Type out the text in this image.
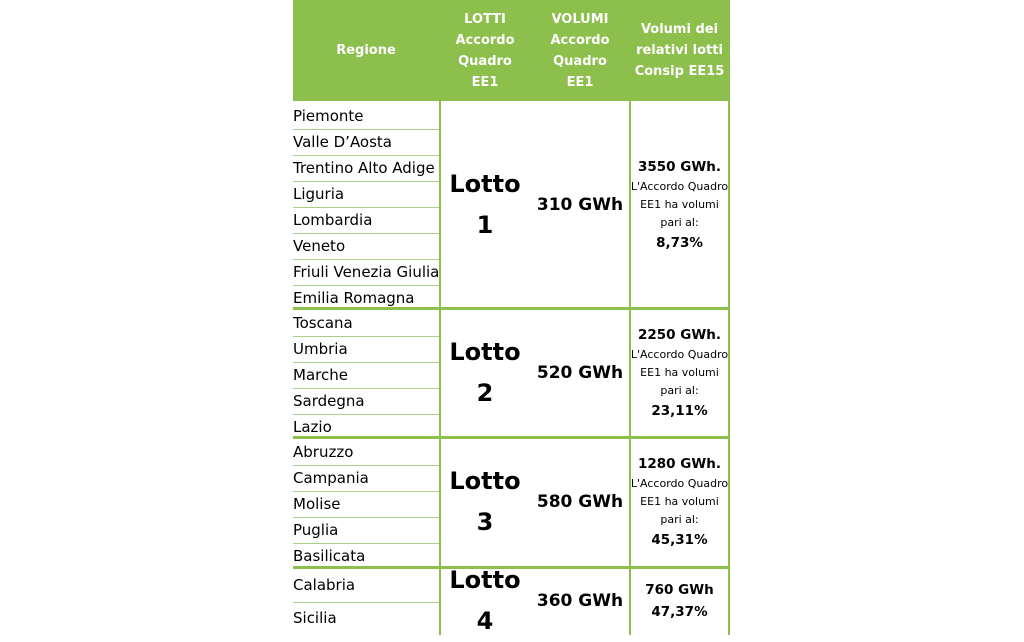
Regione
LOTTI
Accordo
Quadro
EE1
VOLUMI
Accordo
Quadro
EE1
Volumi dei
relativi lotti
Consip EE15
Piemonte
Valle D’Aosta
Trentino Alto Adige
Liguria
Lombardia
Veneto
Friuli Venezia Giulia
Emilia Romagna
Lotto
1
310 GWh
3550 GWh.
L'Accordo Quadro EE1 ha volumi pari al:
8,73%
Toscana
Umbria
Marche
Sardegna
Lazio
Lotto
2
520 GWh
2250 GWh.
L'Accordo Quadro EE1 ha volumi pari al:
23,11%
Abruzzo
Campania
Molise
Puglia
Basilicata
Lotto
3
580 GWh
1280 GWh.
L'Accordo Quadro EE1 ha volumi pari al:
45,31%
Calabria
Sicilia
Lotto
4
360 GWh
760 GWh
47,37%
